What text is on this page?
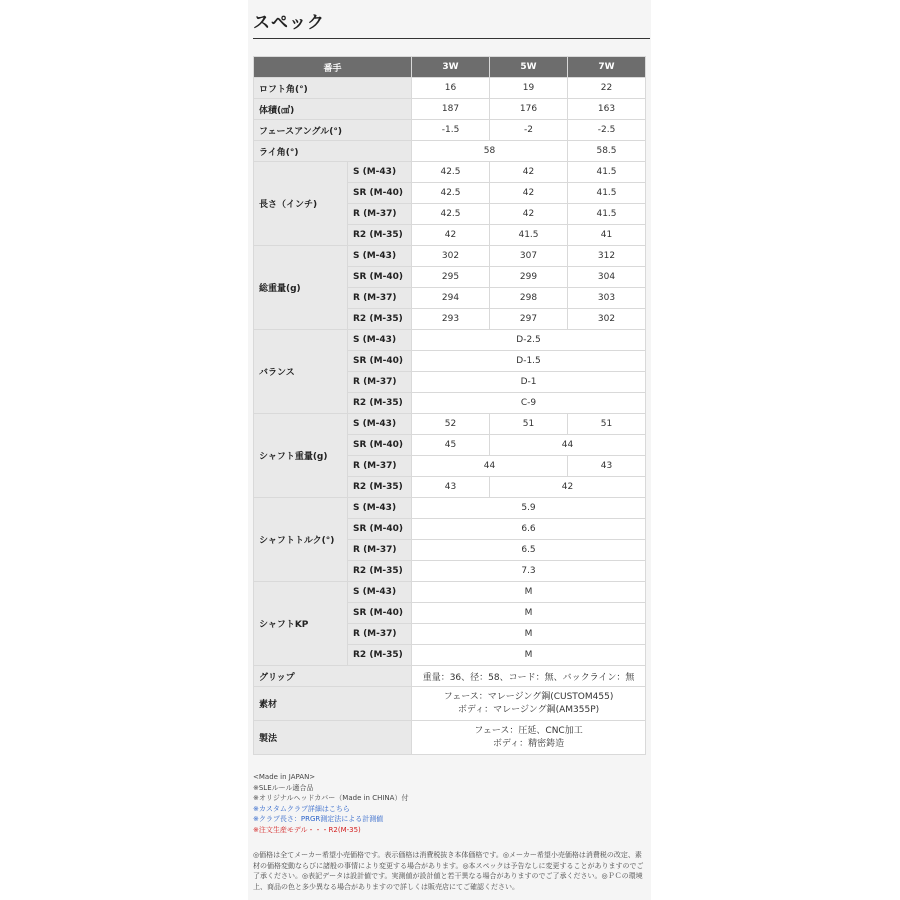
スペック
番手		3W	5W	7W
ロフト角(°)		16	19	22
体積(㎤)		187	176	163
フェースアングル(°)		-1.5	-2	-2.5
ライ角(°)		58		58.5
長さ（インチ)	S (M-43)	42.5	42	41.5
	SR (M-40)	42.5	42	41.5
	R (M-37)	42.5	42	41.5
	R2 (M-35)	42	41.5	41
総重量(g)	S (M-43)	302	307	312
	SR (M-40)	295	299	304
	R (M-37)	294	298	303
	R2 (M-35)	293	297	302
バランス	S (M-43)	D-2.5		
	SR (M-40)	D-1.5		
	R (M-37)	D-1		
	R2 (M-35)	C-9		
シャフト重量(g)	S (M-43)	52	51	51
	SR (M-40)	45	44	
	R (M-37)	44		43
	R2 (M-35)	43	42	
シャフトトルク(°)	S (M-43)	5.9		
	SR (M-40)	6.6		
	R (M-37)	6.5		
	R2 (M-35)	7.3		
シャフトKP	S (M-43)	M		
	SR (M-40)	M		
	R (M-37)	M		
	R2 (M-35)	M		
グリップ		重量：36、径：58、コード：無、バックライン：無		
素材		フェース：マレージング鋼(CUSTOM455)
ボディ：マレージング鋼(AM355P)		

製法		フェース：圧延、CNC加工
ボディ：精密鋳造		
<Made in JAPAN>
※SLEルール適合品
※オリジナルヘッドカバー（Made in CHINA）付
※カスタムクラブ詳細はこちら
※クラブ長さ：PRGR測定法による計測値
※注文生産モデル・・・R2(M-35)
◎価格は全てメーカー希望小売価格です。表示価格は消費税抜き本体価格です。◎メーカー希望小売価格は消費税の改定、素材の価格変動ならびに諸般の事情により変更する場合があります。◎本スペックは予告なしに変更することがありますのでご了承ください。◎表記データは設計値です。実測値が設計値と若干異なる場合がありますのでご了承ください。◎ＰＣの環境上、商品の色と多少異なる場合がありますので詳しくは販売店にてご確認ください。
